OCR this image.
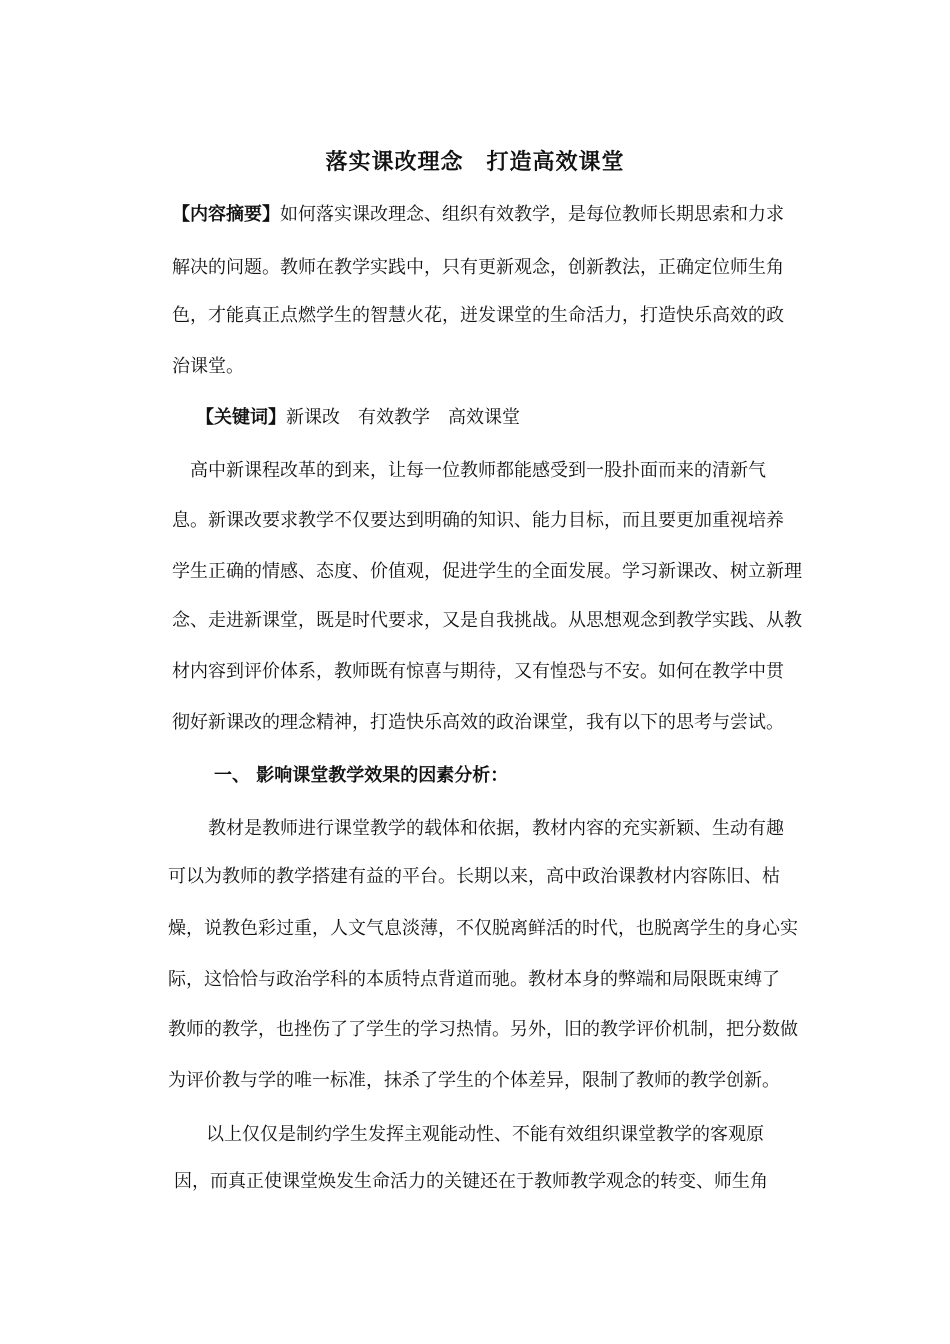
落实课改理念　打造高效课堂
【内容摘要】如何落实课改理念、组织有效教学，是每位教师长期思索和力求
解决的问题。教师在教学实践中，只有更新观念，创新教法，正确定位师生角
色，才能真正点燃学生的智慧火花，迸发课堂的生命活力，打造快乐高效的政
治课堂。
【关键词】新课改　有效教学　高效课堂
高中新课程改革的到来，让每一位教师都能感受到一股扑面而来的清新气
息。新课改要求教学不仅要达到明确的知识、能力目标，而且要更加重视培养
学生正确的情感、态度、价值观，促进学生的全面发展。学习新课改、树立新理
念、走进新课堂，既是时代要求，又是自我挑战。从思想观念到教学实践、从教
材内容到评价体系，教师既有惊喜与期待，又有惶恐与不安。如何在教学中贯
彻好新课改的理念精神，打造快乐高效的政治课堂，我有以下的思考与尝试。
一、 影响课堂教学效果的因素分析：
教材是教师进行课堂教学的载体和依据，教材内容的充实新颖、生动有趣
可以为教师的教学搭建有益的平台。长期以来，高中政治课教材内容陈旧、枯
燥，说教色彩过重，人文气息淡薄，不仅脱离鲜活的时代，也脱离学生的身心实
际，这恰恰与政治学科的本质特点背道而驰。教材本身的弊端和局限既束缚了
教师的教学，也挫伤了了学生的学习热情。另外，旧的教学评价机制，把分数做
为评价教与学的唯一标准，抹杀了学生的个体差异，限制了教师的教学创新。
以上仅仅是制约学生发挥主观能动性、不能有效组织课堂教学的客观原
因，而真正使课堂焕发生命活力的关键还在于教师教学观念的转变、师生角
